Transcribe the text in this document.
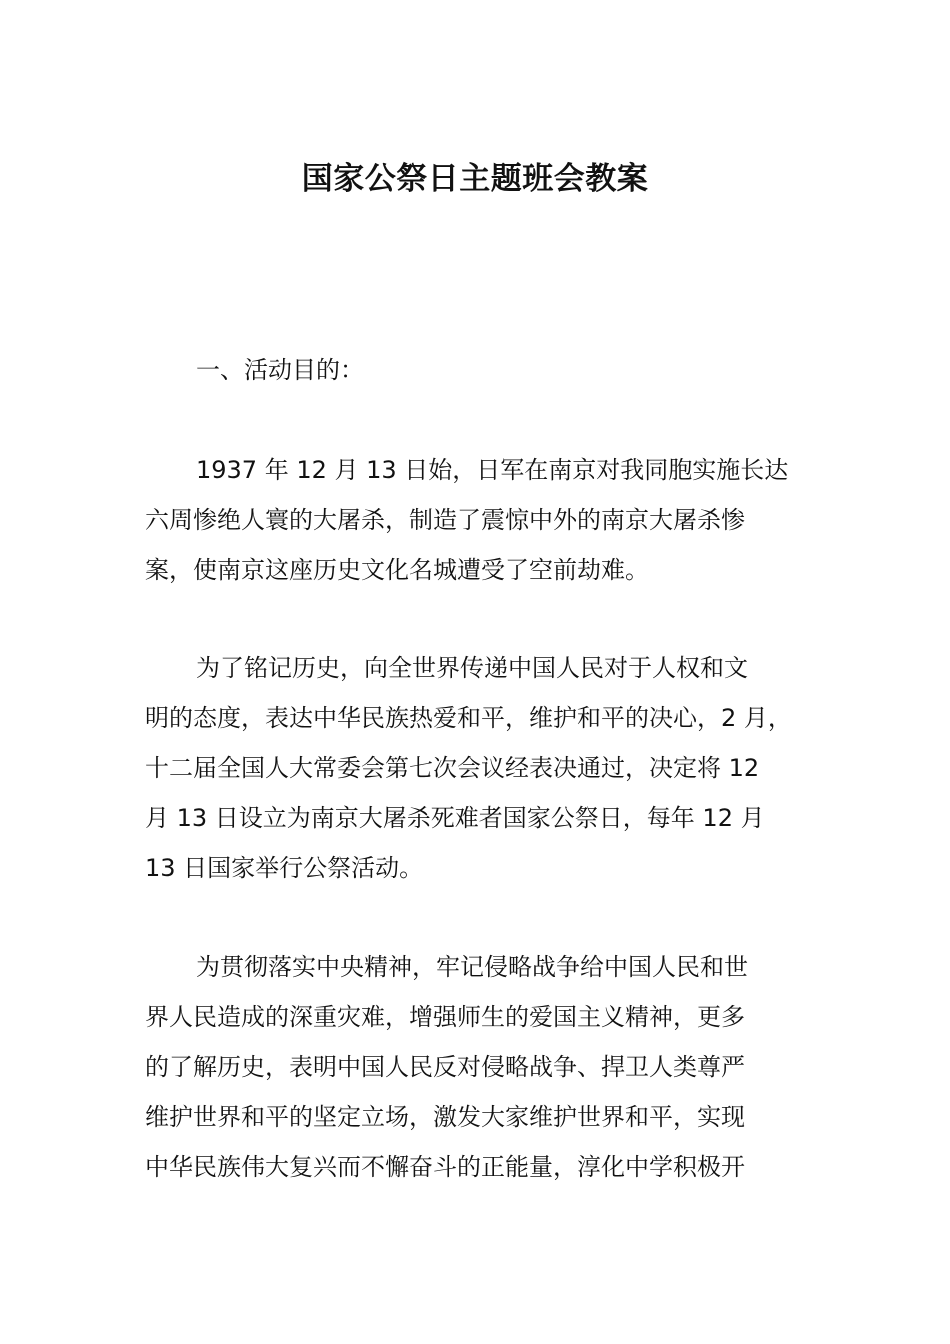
国家公祭日主题班会教案
一、活动目的：
1937 年 12 月 13 日始，日军在南京对我同胞实施长达
六周惨绝人寰的大屠杀，制造了震惊中外的南京大屠杀惨
案，使南京这座历史文化名城遭受了空前劫难。
为了铭记历史，向全世界传递中国人民对于人权和文
明的态度，表达中华民族热爱和平，维护和平的决心，2 月，
十二届全国人大常委会第七次会议经表决通过，决定将 12
月 13 日设立为南京大屠杀死难者国家公祭日，每年 12 月
13 日国家举行公祭活动。
为贯彻落实中央精神，牢记侵略战争给中国人民和世
界人民造成的深重灾难，增强师生的爱国主义精神，更多
的了解历史，表明中国人民反对侵略战争、捍卫人类尊严
维护世界和平的坚定立场，激发大家维护世界和平，实现
中华民族伟大复兴而不懈奋斗的正能量，淳化中学积极开
